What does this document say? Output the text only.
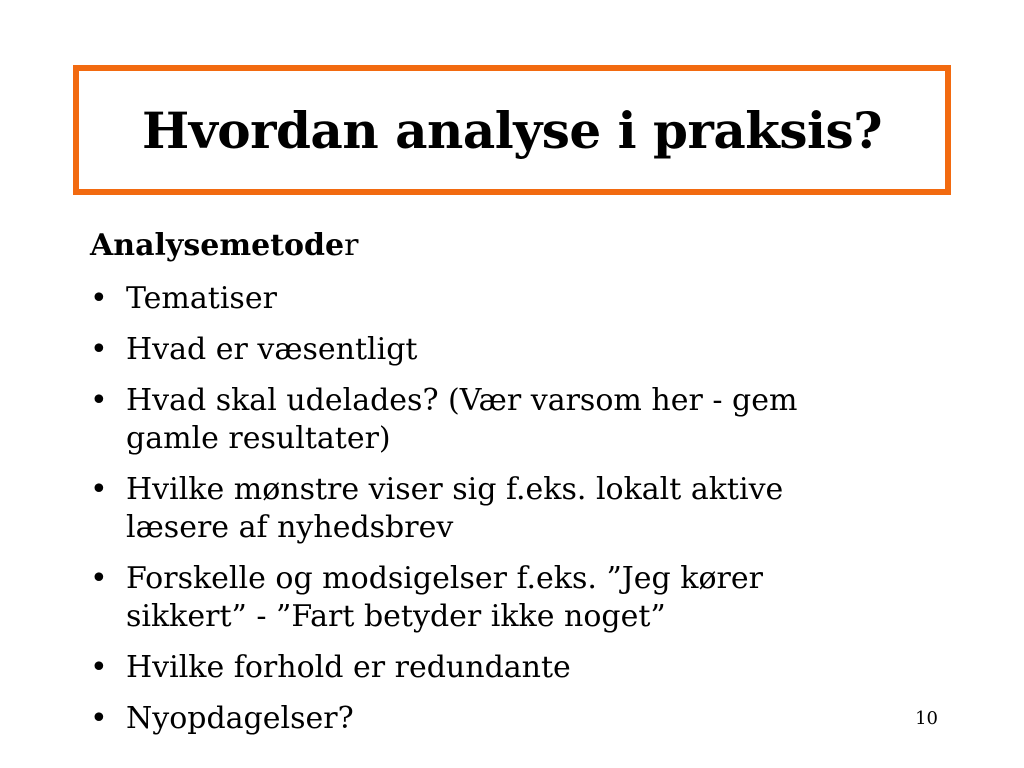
Hvordan analyse i praksis?
Analysemetoder
• Tematiser
• Hvad er væsentligt
• Hvad skal udelades? (Vær varsom her - gem
gamle resultater)
• Hvilke mønstre viser sig f.eks. lokalt aktive
læsere af nyhedsbrev
• Forskelle og modsigelser f.eks. ”Jeg kører
sikkert” - ”Fart betyder ikke noget”
• Hvilke forhold er redundante
• Nyopdagelser?	10
